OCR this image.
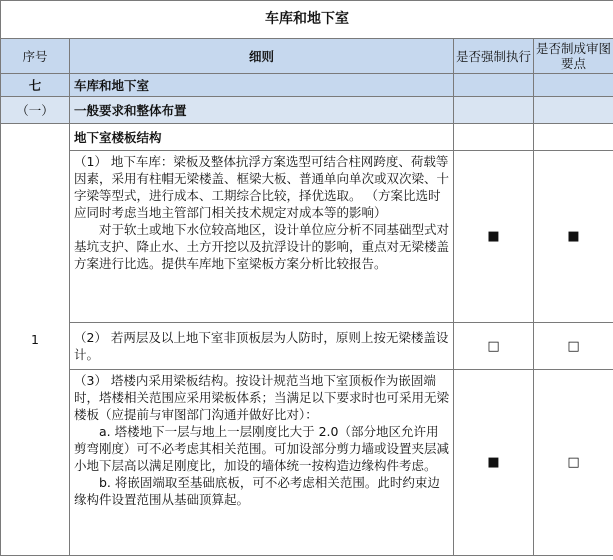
车库和地下室			
序号	细则	是否强制执行	是否制成审图要点
七	车库和地下室		
（一）	一般要求和整体布置		
1	地下室楼板结构		

	（1） 地下车库：梁板及整体抗浮方案选型可结合柱网跨度、荷载等因素，采用有柱帽无梁楼盖、框梁大板、普通单向单次或双次梁、十字梁等型式，进行成本、工期综合比较，择优选取。 （方案比选时应同时考虑当地主管部门相关技术规定对成本等的影响）

对于软土或地下水位较高地区，设计单位应分析不同基础型式对基坑支护、降止水、土方开挖以及抗浮设计的影响，重点对无梁楼盖方案进行比选。提供车库地下室梁板方案分析比较报告。	■	■

	（2） 若两层及以上地下室非顶板层为人防时，原则上按无梁楼盖设计。	□	□

	（3） 塔楼内采用梁板结构。按设计规范当地下室顶板作为嵌固端时，塔楼相关范围应采用梁板体系；当满足以下要求时也可采用无梁楼板（应提前与审图部门沟通并做好比对）：

a. 塔楼地下一层与地上一层刚度比大于 2.0（部分地区允许用剪弯刚度）可不必考虑其相关范围。可加设部分剪力墙或设置夹层减小地下层高以满足刚度比，加设的墙体统一按构造边缘构件考虑。

b. 将嵌固端取至基础底板，可不必考虑相关范围。此时约束边缘构件设置范围从基础顶算起。	■	□
